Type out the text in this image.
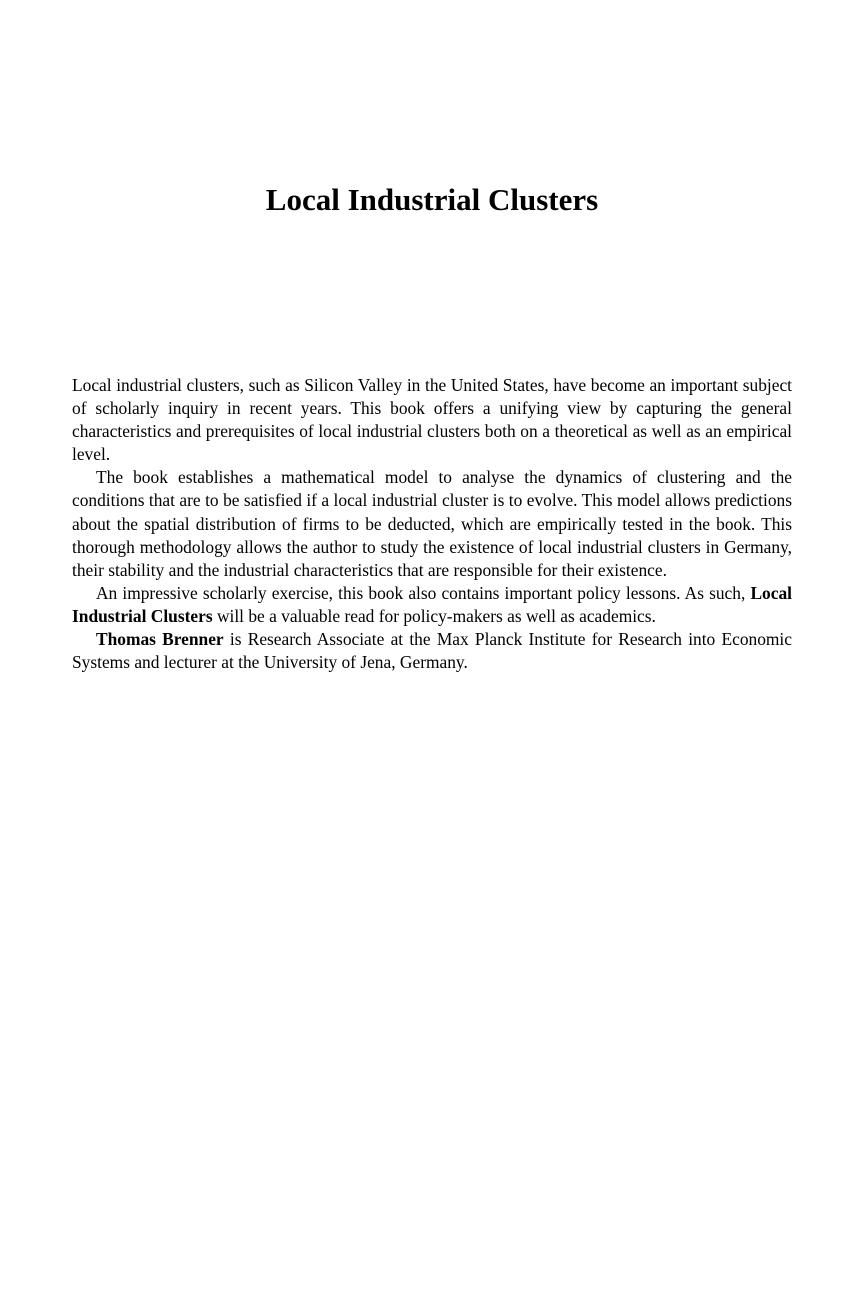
Local Industrial Clusters

Local industrial clusters, such as Silicon Valley in the United States, have become an important subject of scholarly inquiry in recent years. This book offers a unifying view by capturing the general characteristics and prerequisites of local industrial clusters both on a theoretical as well as an empirical level.

The book establishes a mathematical model to analyse the dynamics of clustering and the conditions that are to be satisfied if a local industrial cluster is to evolve. This model allows predictions about the spatial distribution of firms to be deducted, which are empirically tested in the book. This thorough methodology allows the author to study the existence of local industrial clusters in Germany, their stability and the industrial characteristics that are responsible for their existence.

An impressive scholarly exercise, this book also contains important policy lessons. As such, Local Industrial Clusters will be a valuable read for policy-makers as well as academics.

Thomas Brenner is Research Associate at the Max Planck Institute for Research into Economic Systems and lecturer at the University of Jena, Germany.
